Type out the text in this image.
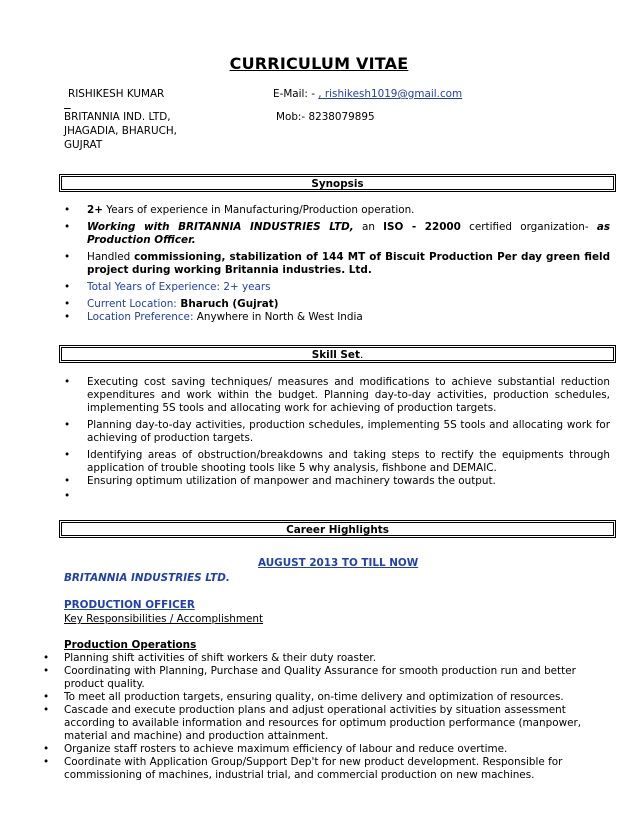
CURRICULUM VITAE
RISHIKESH KUMAR	E-Mail: - , rishikesh1019@gmail.com

BRITANNIA IND. LTD,	Mob:- 8238079895
JHAGADIA, BHARUCH,
GUJRAT
Synopsis
• 2+ Years of experience in Manufacturing/Production operation.
• Working with BRITANNIA INDUSTRIES LTD, an ISO - 22000 certified organization- as Production Officer.
• Handled commissioning, stabilization of 144 MT of Biscuit Production Per day green field project during working Britannia industries. Ltd.
• Total Years of Experience: 2+ years
• Current Location: Bharuch (Gujrat)
• Location Preference: Anywhere in North & West India
Skill Set.
• Executing cost saving techniques/ measures and modifications to achieve substantial reduction expenditures and work within the budget. Planning day-to-day activities, production schedules, implementing 5S tools and allocating work for achieving of production targets.
• Planning day-to-day activities, production schedules, implementing 5S tools and allocating work for achieving of production targets.
• Identifying areas of obstruction/breakdowns and taking steps to rectify the equipments through application of trouble shooting tools like 5 why analysis, fishbone and DEMAIC.
• Ensuring optimum utilization of manpower and machinery towards the output.
•
Career Highlights
AUGUST 2013 TO TILL NOW
BRITANNIA INDUSTRIES LTD.
PRODUCTION OFFICER
Key Responsibilities / Accomplishment
Production Operations
• Planning shift activities of shift workers & their duty roaster.
• Coordinating with Planning, Purchase and Quality Assurance for smooth production run and better product quality.
• To meet all production targets, ensuring quality, on-time delivery and optimization of resources.
• Cascade and execute production plans and adjust operational activities by situation assessment according to available information and resources for optimum production performance (manpower, material and machine) and production attainment.
• Organize staff rosters to achieve maximum efficiency of labour and reduce overtime.
• Coordinate with Application Group/Support Dep't for new product development. Responsible for commissioning of machines, industrial trial, and commercial production on new machines.
